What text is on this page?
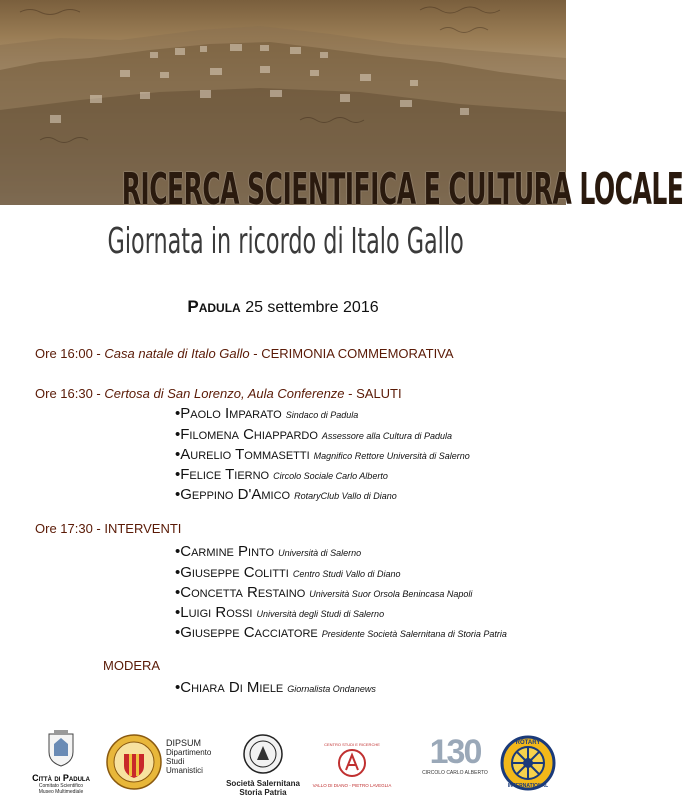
RICERCA SCIENTIFICA E CULTURA LOCALE
Giornata in ricordo di Italo Gallo
Padula 25 settembre 2016
Ore 16:00 - Casa natale di Italo Gallo - CERIMONIA COMMEMORATIVA
Ore 16:30 - Certosa di San Lorenzo, Aula Conferenze - SALUTI
•Paolo Imparato Sindaco di Padula
•Filomena Chiappardo Assessore alla Cultura di Padula
•Aurelio Tommasetti Magnifico Rettore Università di Salerno
•Felice Tierno Circolo Sociale Carlo Alberto
•Geppino D'Amico RotaryClub Vallo di Diano
Ore 17:30 - INTERVENTI
•Carmine Pinto Università di Salerno
•Giuseppe Colitti Centro Studi Vallo di Diano
•Concetta Restaino Università Suor Orsola Benincasa Napoli
•Luigi Rossi Università degli Studi di Salerno
•Giuseppe Cacciatore Presidente Società Salernitana di Storia Patria
MODERA
•Chiara Di Miele Giornalista Ondanews
Città di Padula
Comitato Scientifico
Museo Multimediale
DIPSUM
Dipartimento
Studi
Umanistici
Società Salernitana
Storia Patria
CENTRO STUDI E RICERCHE
VALLO DI DIANO - PIETRO LAVEGLIA
130
CIRCOLO CARLO ALBERTO
ROTARY
INTERNATIONAL
